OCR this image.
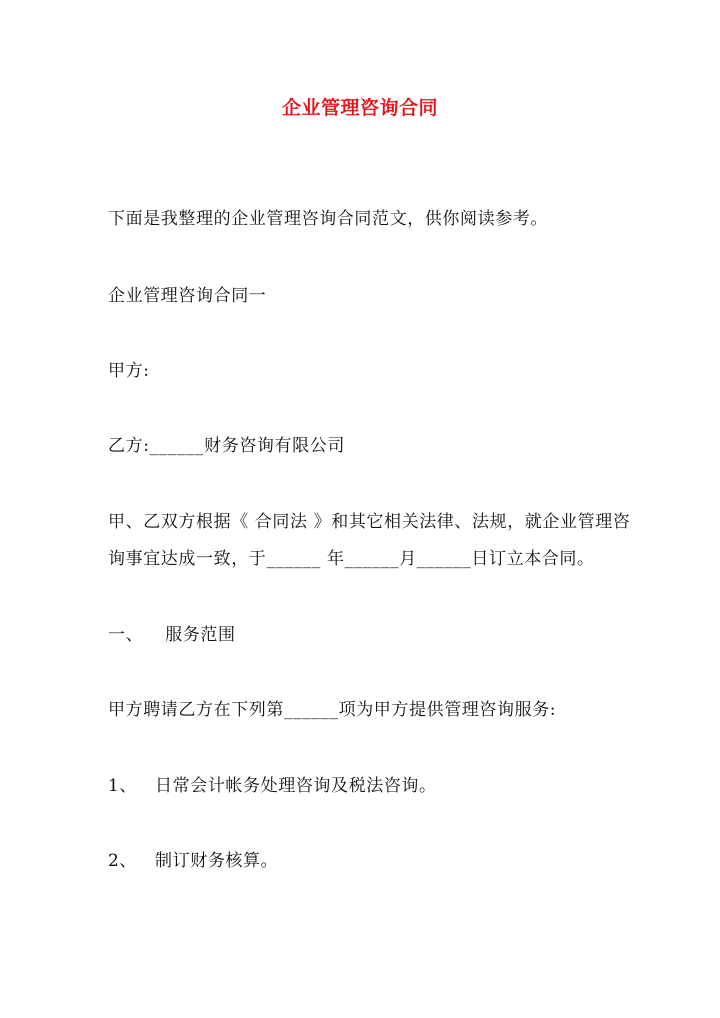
企业管理咨询合同
下面是我整理的企业管理咨询合同范文，供你阅读参考。
企业管理咨询合同一
甲方:
乙方:______财务咨询有限公司
甲、乙双方根据《 合同法 》和其它相关法律、法规，就企业管理咨
询事宜达成一致，于______ 年______月______日订立本合同。
一、 服务范围
甲方聘请乙方在下列第______项为甲方提供管理咨询服务:
1、 日常会计帐务处理咨询及税法咨询。
2、 制订财务核算。
